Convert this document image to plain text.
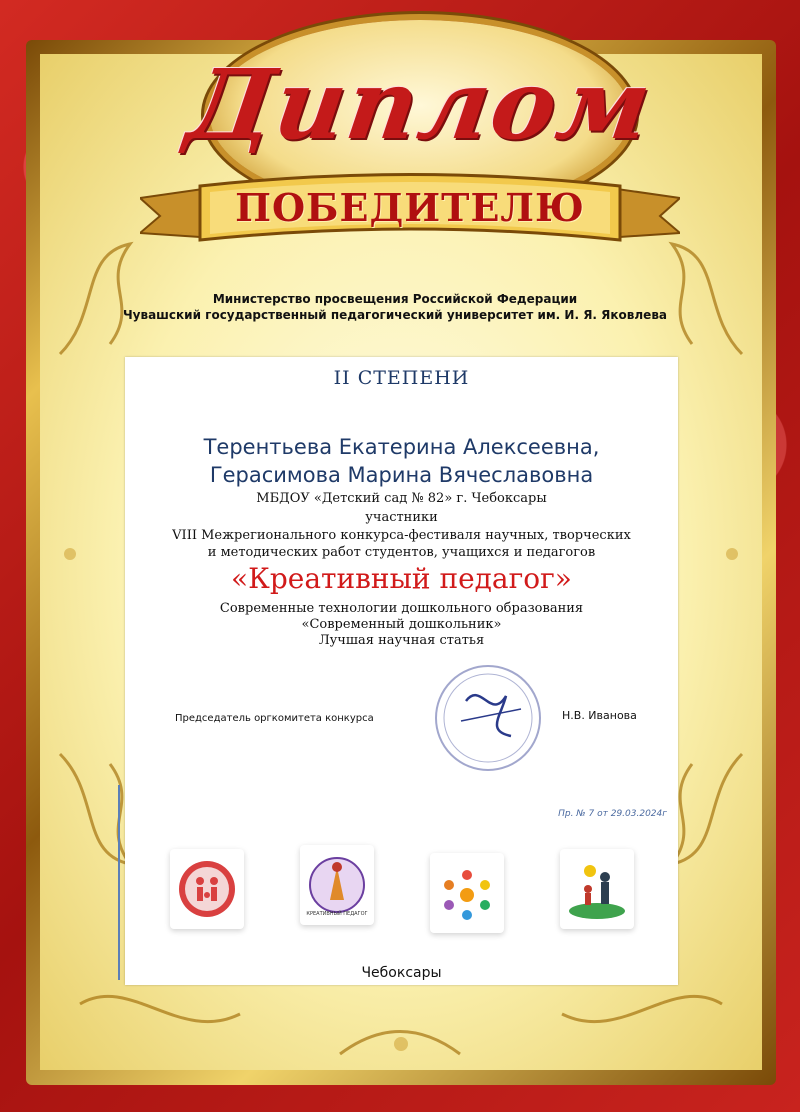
Диплом
ПОБЕДИТЕЛЮ
Министерство просвещения Российской Федерации
Чувашский государственный педагогический университет им. И. Я. Яковлева
II СТЕПЕНИ
Терентьева Екатерина Алексеевна,
Герасимова Марина Вячеславовна
МБДОУ «Детский сад № 82» г. Чебоксары
участники
VIII Межрегионального конкурса-фестиваля научных, творческих
и методических работ студентов, учащихся и педагогов
«Креативный педагог»
Современные технологии дошкольного образования
«Современный дошкольник»
Лучшая научная статья
Председатель оргкомитета конкурса	Н.В. Иванова
Пр. № 7 от 29.03.2024г
КРЕАТИВНЫЙ ПЕДАГОГ
Чебоксары
